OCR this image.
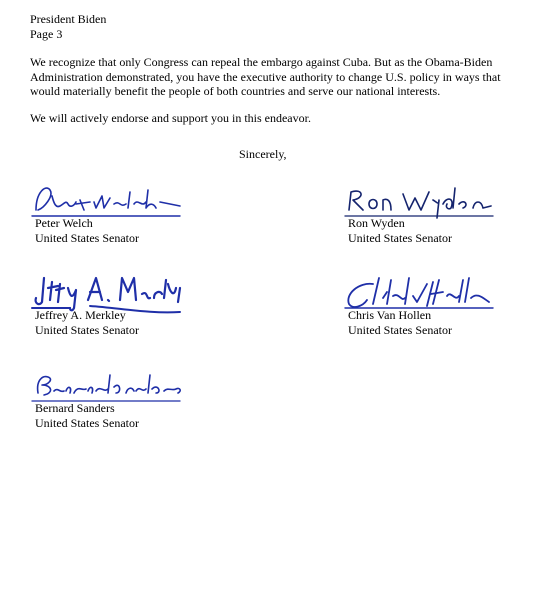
President Biden
Page 3
We recognize that only Congress can repeal the embargo against Cuba. But as the Obama-Biden Administration demonstrated, you have the executive authority to change U.S. policy in ways that would materially benefit the people of both countries and serve our national interests.
We will actively endorse and support you in this endeavor.
Sincerely,
Peter Welch
United States Senator
Ron Wyden
United States Senator
Jeffrey A. Merkley
United States Senator
Chris Van Hollen
United States Senator
Bernard Sanders
United States Senator
